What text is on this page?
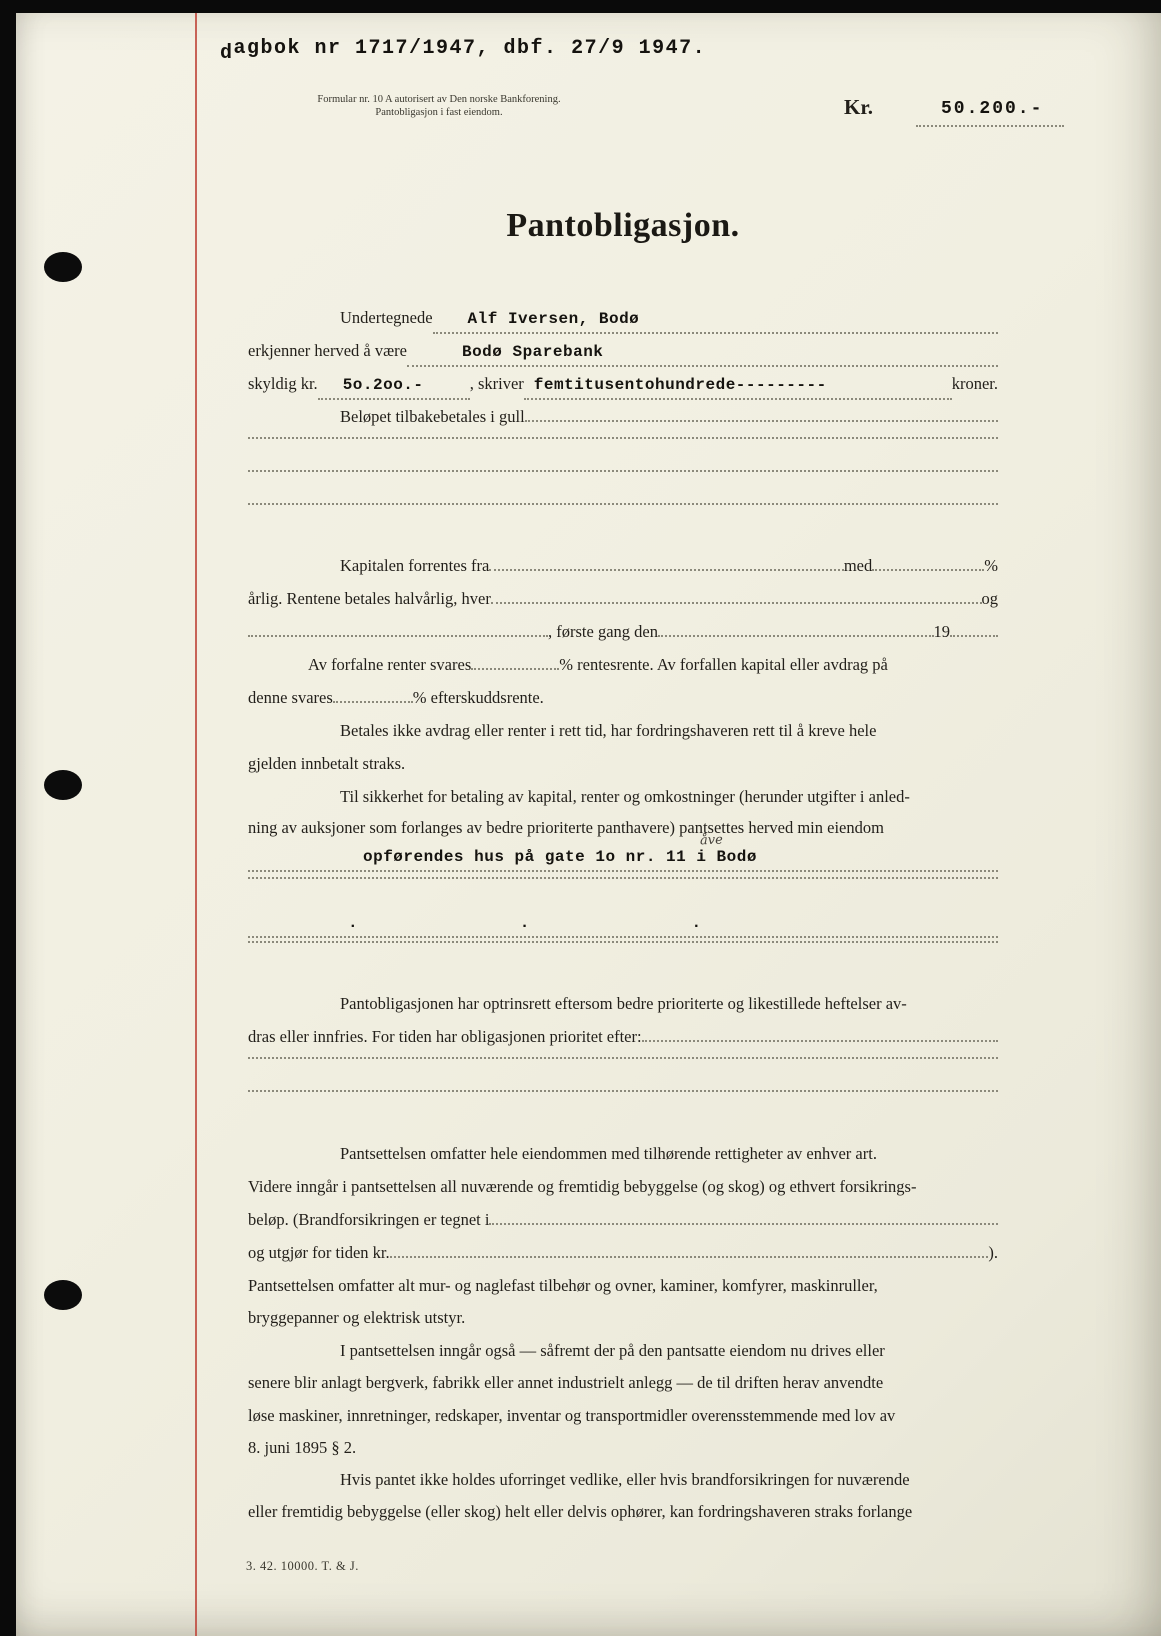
dagbok nr 1717/1947, dbf. 27/9 1947.
Formular nr. 10 A autorisert av Den norske Bankforening.
Pantobligasjon i fast eiendom.	Kr.	50.200.-
Pantobligasjon.
Undertegnede	Alf Iversen, Bodø
erkjenner herved å være	Bodø Sparebank
skyldig kr.	5o.2oo.-	, skriver femtitusentohundrede---------	kroner.
Beløpet tilbakebetales i gull
Kapitalen forrentes fra	med	%
årlig. Rentene betales halvårlig, hver	og
, første gang den	19
Av forfalne renter svares	% rentesrente. Av forfallen kapital eller avdrag på
denne svares	% efterskuddsrente.
Betales ikke avdrag eller renter i rett tid, har fordringshaveren rett til å kreve hele
gjelden innbetalt straks.
Til sikkerhet for betaling av kapital, renter og omkostninger (herunder utgifter i anled-
ning av auksjoner som forlanges av bedre prioriterte panthavere) pantsettes herved min eiendom
opførendes hus på gate 1o nr. 11 i Bodø
åve
.                .                .
Pantobligasjonen har optrinsrett eftersom bedre prioriterte og likestillede heftelser av-
dras eller innfries. For tiden har obligasjonen prioritet efter:
Pantsettelsen omfatter hele eiendommen med tilhørende rettigheter av enhver art.
Videre inngår i pantsettelsen all nuværende og fremtidig bebyggelse (og skog) og ethvert forsikrings-
beløp. (Brandforsikringen er tegnet i
og utgjør for tiden kr.	).
Pantsettelsen omfatter alt mur- og naglefast tilbehør og ovner, kaminer, komfyrer, maskinruller,
bryggepanner og elektrisk utstyr.
I pantsettelsen inngår også — såfremt der på den pantsatte eiendom nu drives eller
senere blir anlagt bergverk, fabrikk eller annet industrielt anlegg — de til driften herav anvendte
løse maskiner, innretninger, redskaper, inventar og transportmidler overensstemmende med lov av
8. juni 1895 § 2.
Hvis pantet ikke holdes uforringet vedlike, eller hvis brandforsikringen for nuværende
eller fremtidig bebyggelse (eller skog) helt eller delvis ophører, kan fordringshaveren straks forlange
3. 42. 10000. T. & J.
